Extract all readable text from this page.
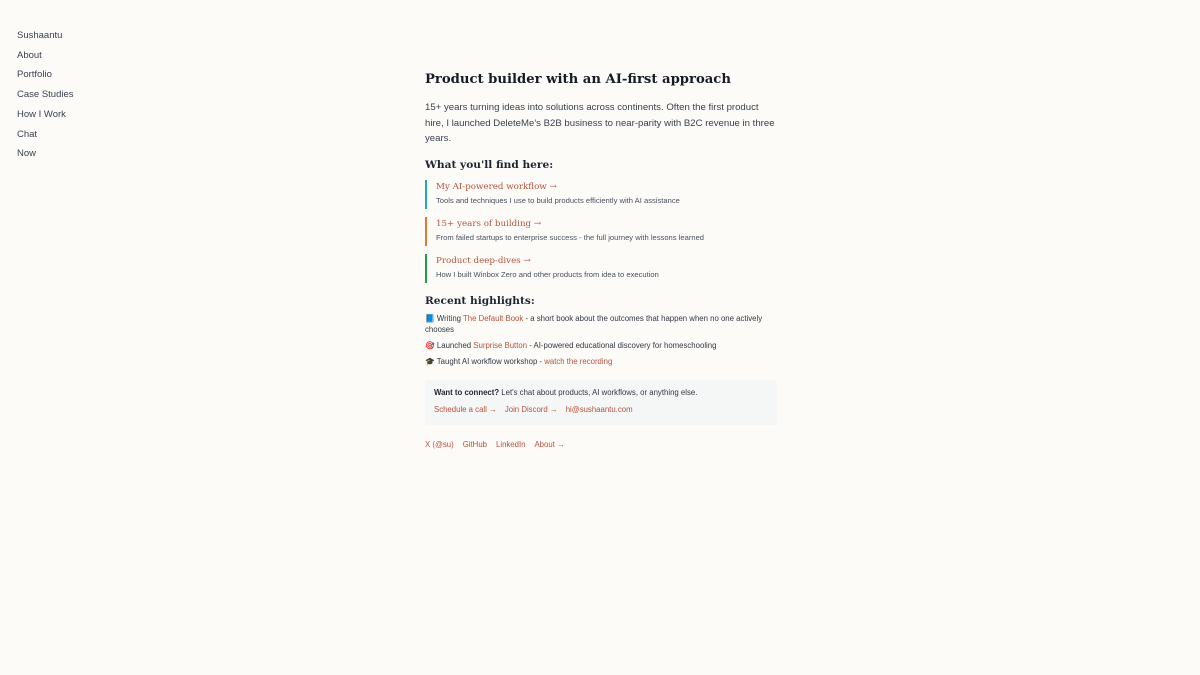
Sushaantu
About
Portfolio
Case Studies
How I Work
Chat
Now
Product builder with an AI-first approach

15+ years turning ideas into solutions across continents. Often the first product hire, I launched DeleteMe's B2B business to near-parity with B2C revenue in three years.

What you'll find here:
My AI-powered workflow →
Tools and techniques I use to build products efficiently with AI assistance
15+ years of building →
From failed startups to enterprise success - the full journey with lessons learned
Product deep-dives →
How I built Winbox Zero and other products from idea to execution
Recent highlights:
📘 Writing The Default Book - a short book about the outcomes that happen when no one actively chooses
🎯 Launched Surprise Button - AI-powered educational discovery for homeschooling
🎓 Taught AI workflow workshop - watch the recording
Want to connect? Let's chat about products, AI workflows, or anything else.
Schedule a call → Join Discord → hi@sushaantu.com
X (@su) GitHub LinkedIn About →
